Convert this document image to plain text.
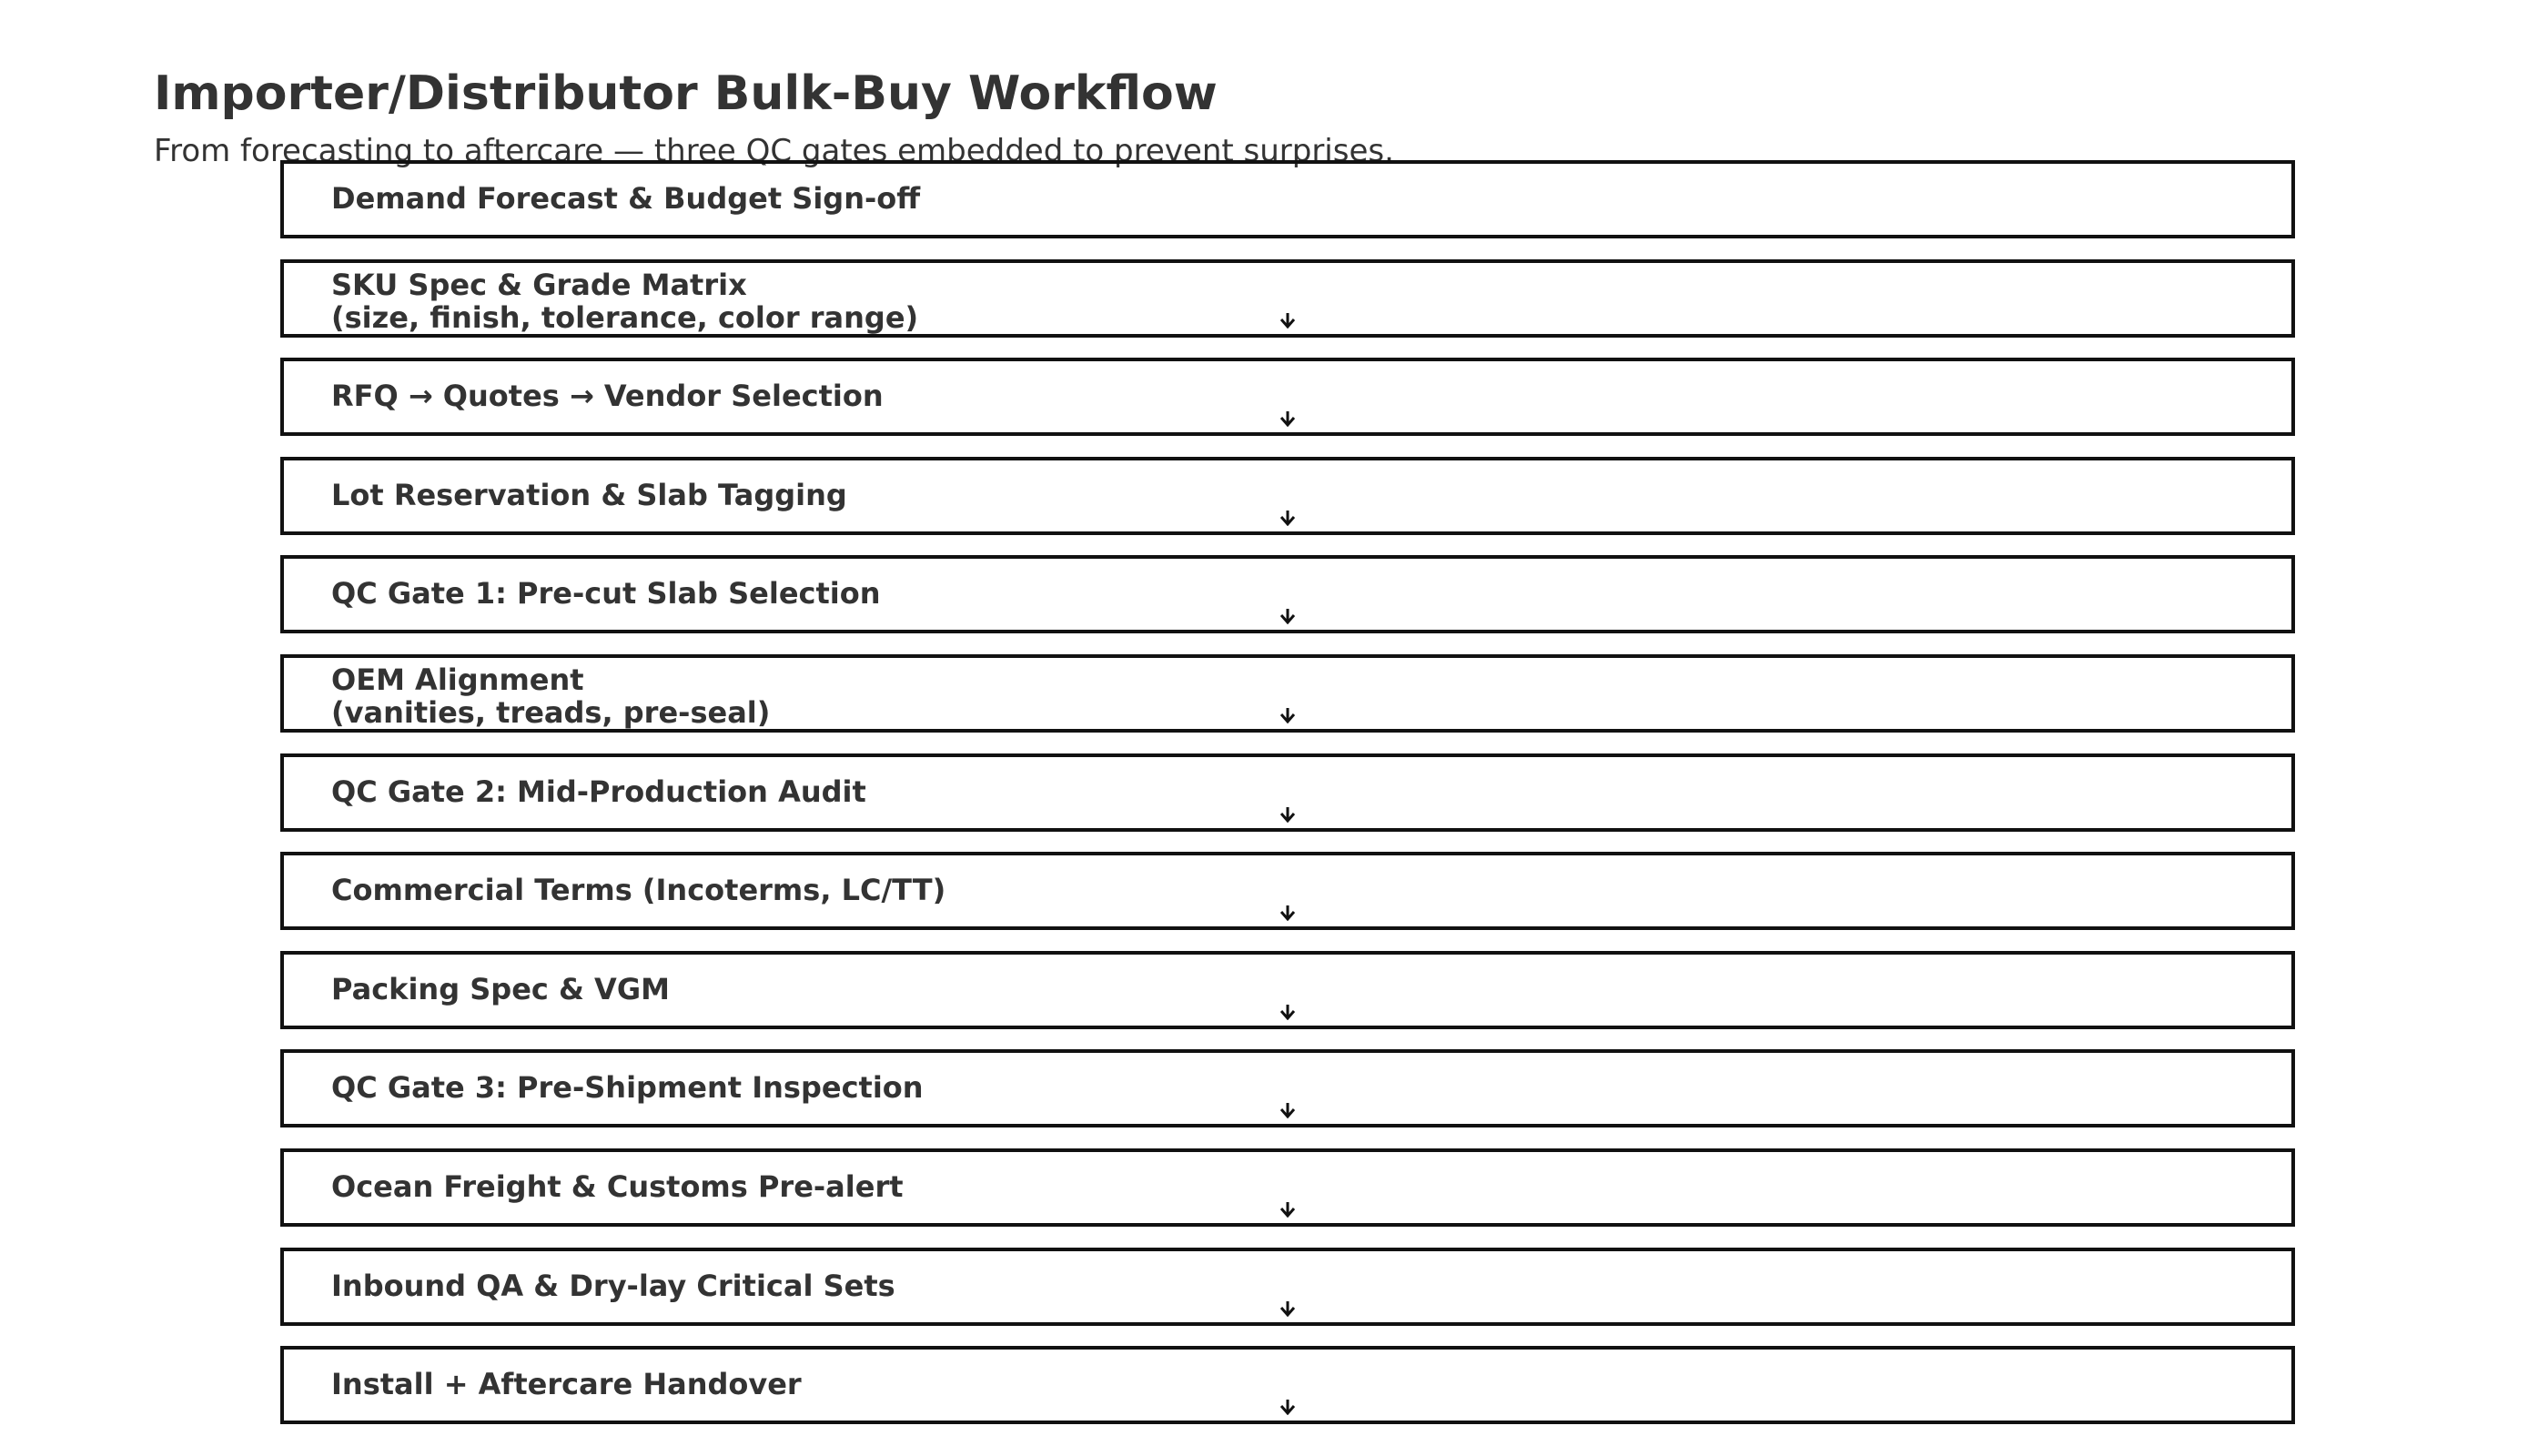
Importer/Distributor Bulk-Buy Workflow

From forecasting to aftercare — three QC gates embedded to prevent surprises.

Demand Forecast & Budget Sign-off
SKU Spec & Grade Matrix
(size, finish, tolerance, color range)
RFQ → Quotes → Vendor Selection
Lot Reservation & Slab Tagging
QC Gate 1: Pre-cut Slab Selection
OEM Alignment
(vanities, treads, pre-seal)
QC Gate 2: Mid-Production Audit
Commercial Terms (Incoterms, LC/TT)
Packing Spec & VGM
QC Gate 3: Pre-Shipment Inspection
Ocean Freight & Customs Pre-alert
Inbound QA & Dry-lay Critical Sets
Install + Aftercare Handover
